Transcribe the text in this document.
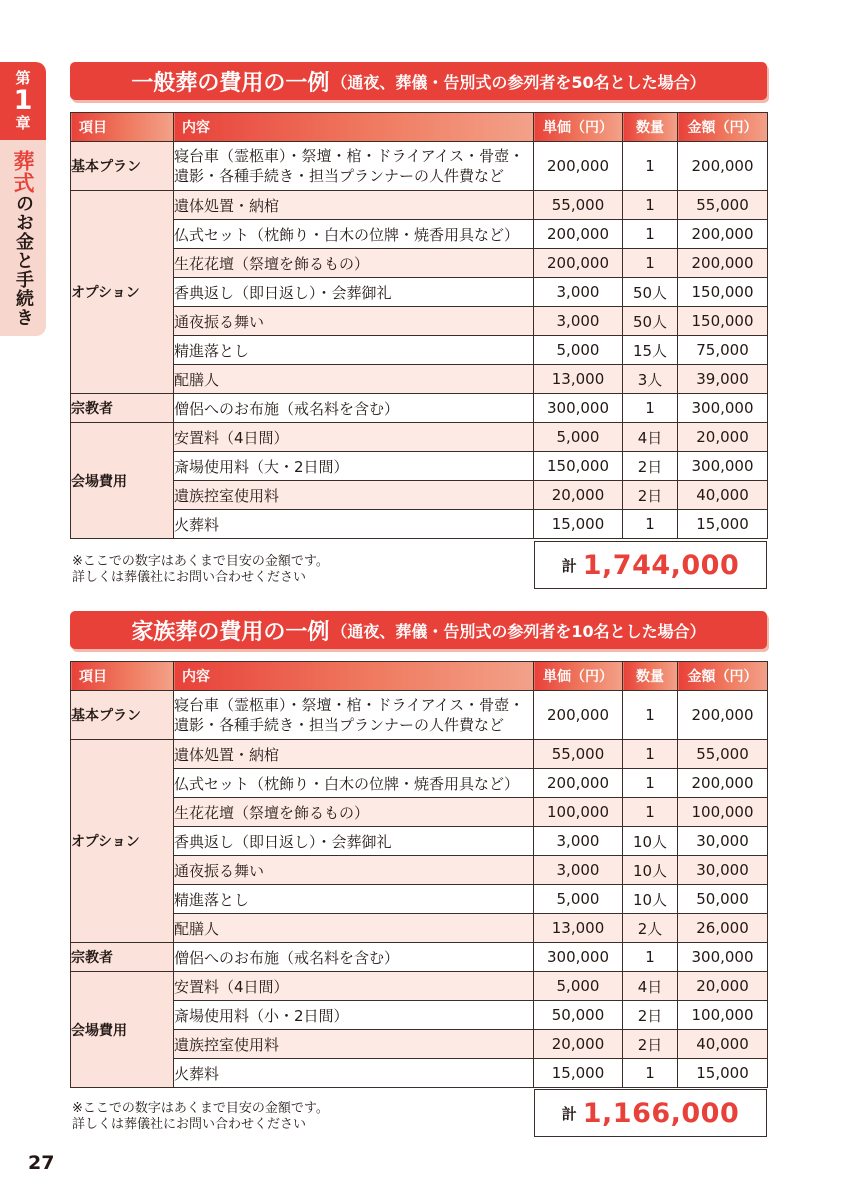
第
1
章
葬式のお金と手続き
一般葬の費用の一例 （通夜、葬儀・告別式の参列者を50名とした場合）
項目	内容	単価（円）	数量	金額（円）
基本プラン	寝台車（霊柩車）・祭壇・棺・ドライアイス・骨壺・
遺影・各種手続き・担当プランナーの人件費など	200,000	1	200,000
オプション	遺体処置・納棺	55,000	1	55,000
	仏式セット（枕飾り・白木の位牌・焼香用具など）	200,000	1	200,000
	生花花壇（祭壇を飾るもの）	200,000	1	200,000
	香典返し（即日返し）・会葬御礼	3,000	50人	150,000
	通夜振る舞い	3,000	50人	150,000
	精進落とし	5,000	15人	75,000
	配膳人	13,000	3人	39,000
宗教者	僧侶へのお布施（戒名料を含む）	300,000	1	300,000
会場費用	安置料（4日間）	5,000	4日	20,000
	斎場使用料（大・2日間）	150,000	2日	300,000
	遺族控室使用料	20,000	2日	40,000
	火葬料	15,000	1	15,000
※ここでの数字はあくまで目安の金額です。
詳しくは葬儀社にお問い合わせください
計 1,744,000
家族葬の費用の一例 （通夜、葬儀・告別式の参列者を10名とした場合）
項目	内容	単価（円）	数量	金額（円）
基本プラン	寝台車（霊柩車）・祭壇・棺・ドライアイス・骨壺・
遺影・各種手続き・担当プランナーの人件費など	200,000	1	200,000
オプション	遺体処置・納棺	55,000	1	55,000
	仏式セット（枕飾り・白木の位牌・焼香用具など）	200,000	1	200,000
	生花花壇（祭壇を飾るもの）	100,000	1	100,000
	香典返し（即日返し）・会葬御礼	3,000	10人	30,000
	通夜振る舞い	3,000	10人	30,000
	精進落とし	5,000	10人	50,000
	配膳人	13,000	2人	26,000
宗教者	僧侶へのお布施（戒名料を含む）	300,000	1	300,000
会場費用	安置料（4日間）	5,000	4日	20,000
	斎場使用料（小・2日間）	50,000	2日	100,000
	遺族控室使用料	20,000	2日	40,000
	火葬料	15,000	1	15,000
※ここでの数字はあくまで目安の金額です。
詳しくは葬儀社にお問い合わせください
計 1,166,000
27
